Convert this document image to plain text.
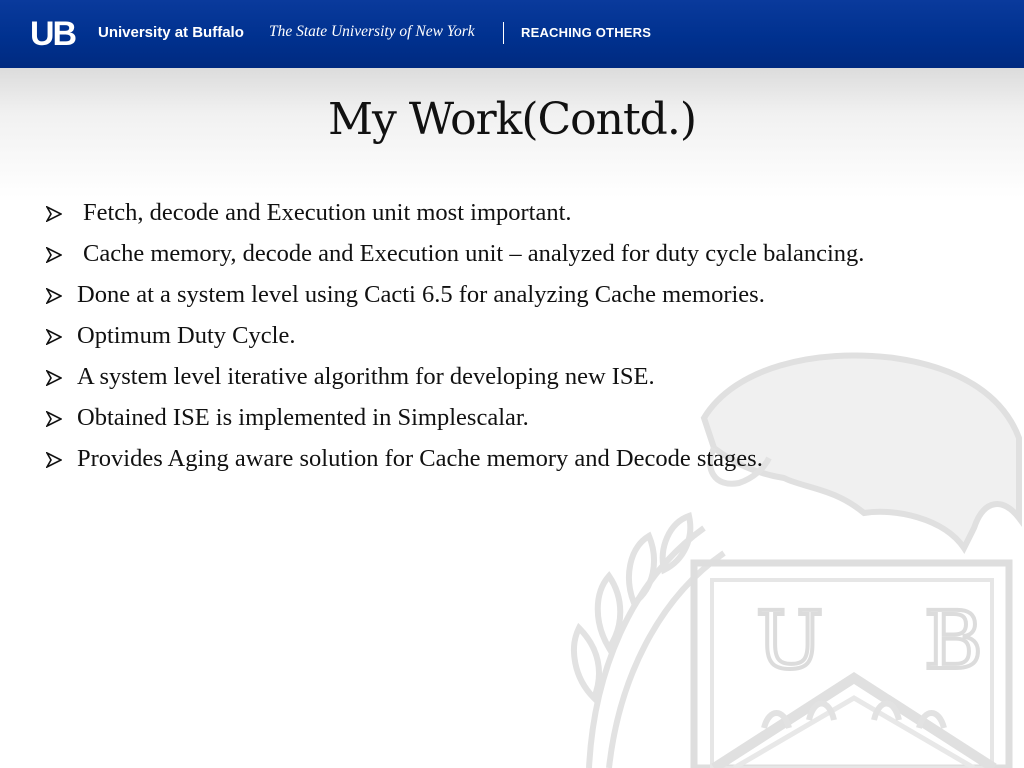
UB University at Buffalo The State University of New York	REACHING OTHERS
U B
My Work(Contd.)
Fetch, decode and Execution unit most important.
Cache memory, decode and Execution unit – analyzed for duty cycle balancing.
Done at a system level using Cacti 6.5 for analyzing Cache memories.
Optimum Duty Cycle.
A system level iterative algorithm for developing new ISE.
Obtained ISE is implemented in Simplescalar.
Provides Aging aware solution for Cache memory and Decode stages.
